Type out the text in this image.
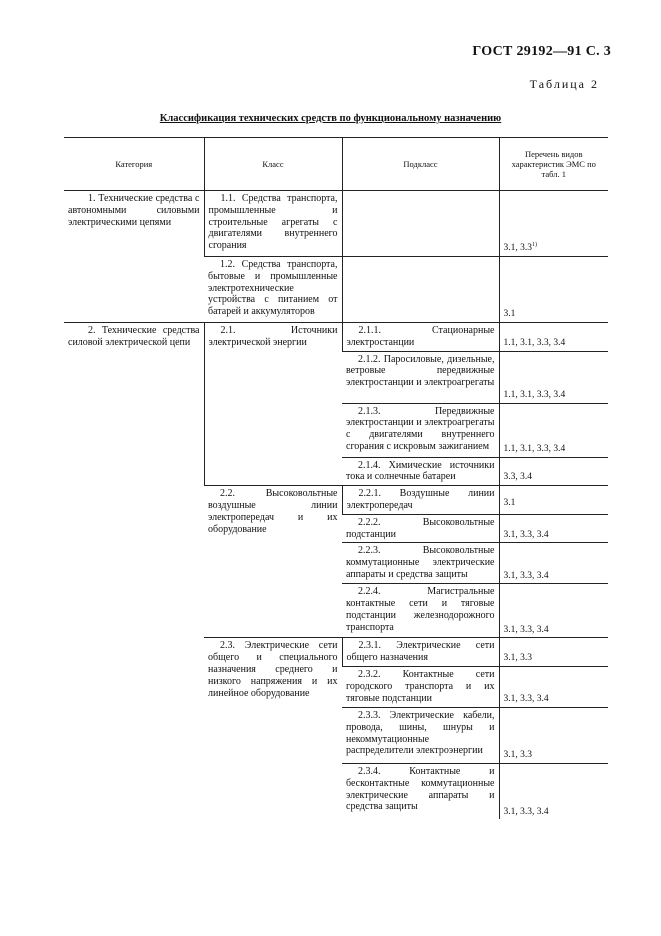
ГОСТ 29192—91 С. 3
Таблица 2
Классификация технических средств по функциональному назначению
Категория	Класс	Подкласс	Перечень видов характеристик ЭМС по табл. 1
1. Технические средства с автономными силовыми электрическими цепями	1.1. Средства транспорта, промышленные и строительные агрегаты с двигателями внутреннего сгорания		3.1, 3.3$^{1)}$
	1.2. Средства транспорта, бытовые и промышленные электротехнические устройства с питанием от батарей и аккумуляторов		3.1
2. Технические средства силовой электрической цепи	2.1. Источники электрической энергии	2.1.1. Стационарные электростанции	1.1, 3.1, 3.3, 3.4
		2.1.2. Паросиловые, дизельные, ветровые передвижные электростанции и электроагрегаты	1.1, 3.1, 3.3, 3.4
		2.1.3. Передвижные электростанции и электроагрегаты с двигателями внутреннего сгорания с искровым зажиганием	1.1, 3.1, 3.3, 3.4
		2.1.4. Химические источники тока и солнечные батареи	3.3, 3.4
	2.2. Высоковольтные воздушные линии электропередач и их оборудование	2.2.1. Воздушные линии электропередач	3.1
		2.2.2. Высоковольтные подстанции	3.1, 3.3, 3.4
		2.2.3. Высоковольтные коммутационные электрические аппараты и средства защиты	3.1, 3.3, 3.4
		2.2.4. Магистральные контактные сети и тяговые подстанции железнодорожного транспорта	3.1, 3.3, 3.4
	2.3. Электрические сети общего и специального назначения среднего и низкого напряжения и их линейное оборудование	2.3.1. Электрические сети общего назначения	3.1, 3.3
		2.3.2. Контактные сети городского транспорта и их тяговые подстанции	3.1, 3.3, 3.4
		2.3.3. Электрические кабели, провода, шины, шнуры и некоммутационные распределители электроэнергии	3.1, 3.3
		2.3.4. Контактные и бесконтактные коммутационные электрические аппараты и средства защиты	3.1, 3.3, 3.4
